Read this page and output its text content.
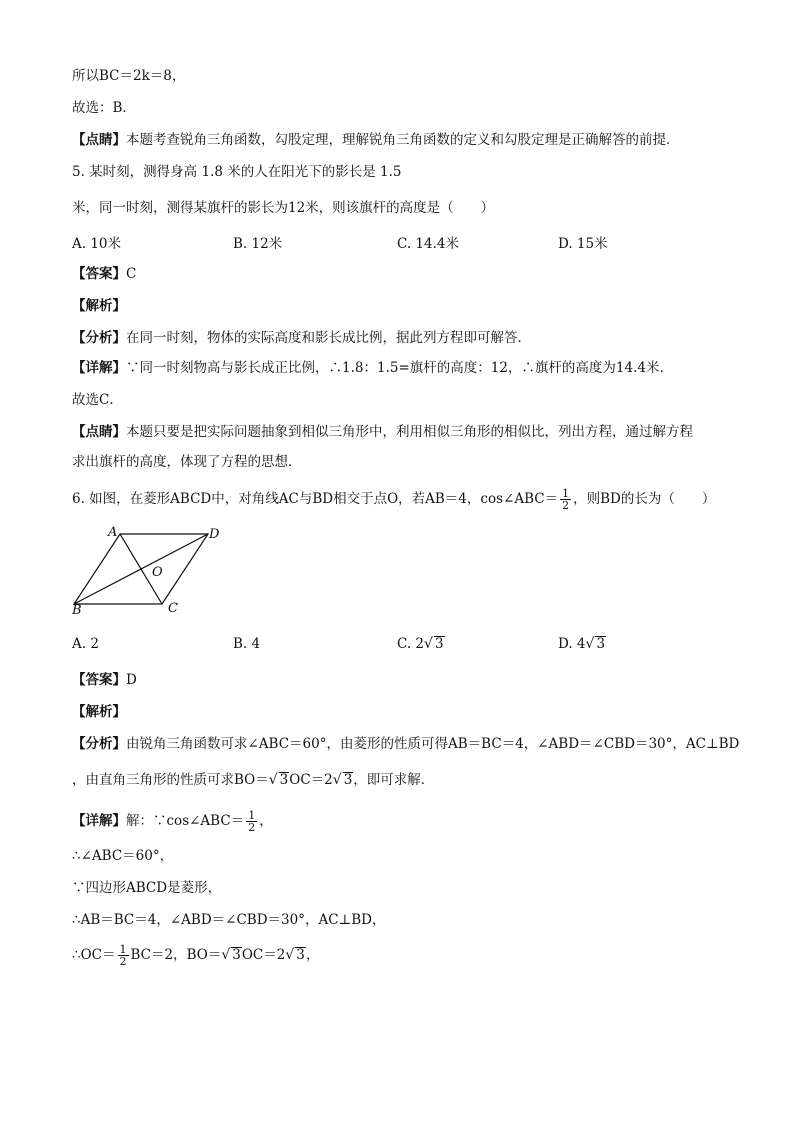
所以BC＝2k＝8，
故选：B．
【点睛】本题考查锐角三角函数，勾股定理，理解锐角三角函数的定义和勾股定理是正确解答的前提．
5. 某时刻，测得身高 1.8 米的人在阳光下的影长是 1.5
米，同一时刻，测得某旗杆的影长为12米，则该旗杆的高度是（　　）
A. 10米	B. 12米	C. 14.4米	D. 15米
【答案】C
【解析】
【分析】在同一时刻，物体的实际高度和影长成比例，据此列方程即可解答．
【详解】∵同一时刻物高与影长成正比例，∴1.8：1.5=旗杆的高度：12，∴旗杆的高度为14.4米．
故选C．
【点睛】本题只要是把实际问题抽象到相似三角形中，利用相似三角形的相似比，列出方程，通过解方程
求出旗杆的高度，体现了方程的思想．
6. 如图，在菱形ABCD中，对角线AC与BD相交于点O，若AB＝4，cos∠ABC＝ $\frac{1}{2}$ ，则BD的长为（　　）
A	D
O
B	C
A. 2	B. 4	C. 2√ 3	D. 4√ 3
【答案】D
【解析】
【分析】由锐角三角函数可求∠ABC＝60°，由菱形的性质可得AB＝BC＝4，∠ABD＝∠CBD＝30°，AC⊥BD
，由直角三角形的性质可求BO＝√ 3OC＝2√ 3，即可求解．
【详解】解：∵cos∠ABC＝ $\frac{1}{2}$ ，
∴∠ABC＝60°，
∵四边形ABCD是菱形，
∴AB＝BC＝4，∠ABD＝∠CBD＝30°，AC⊥BD，
∴OC＝ $\frac{1}{2} BC=2$，BO＝√ 3OC＝2√ 3，
